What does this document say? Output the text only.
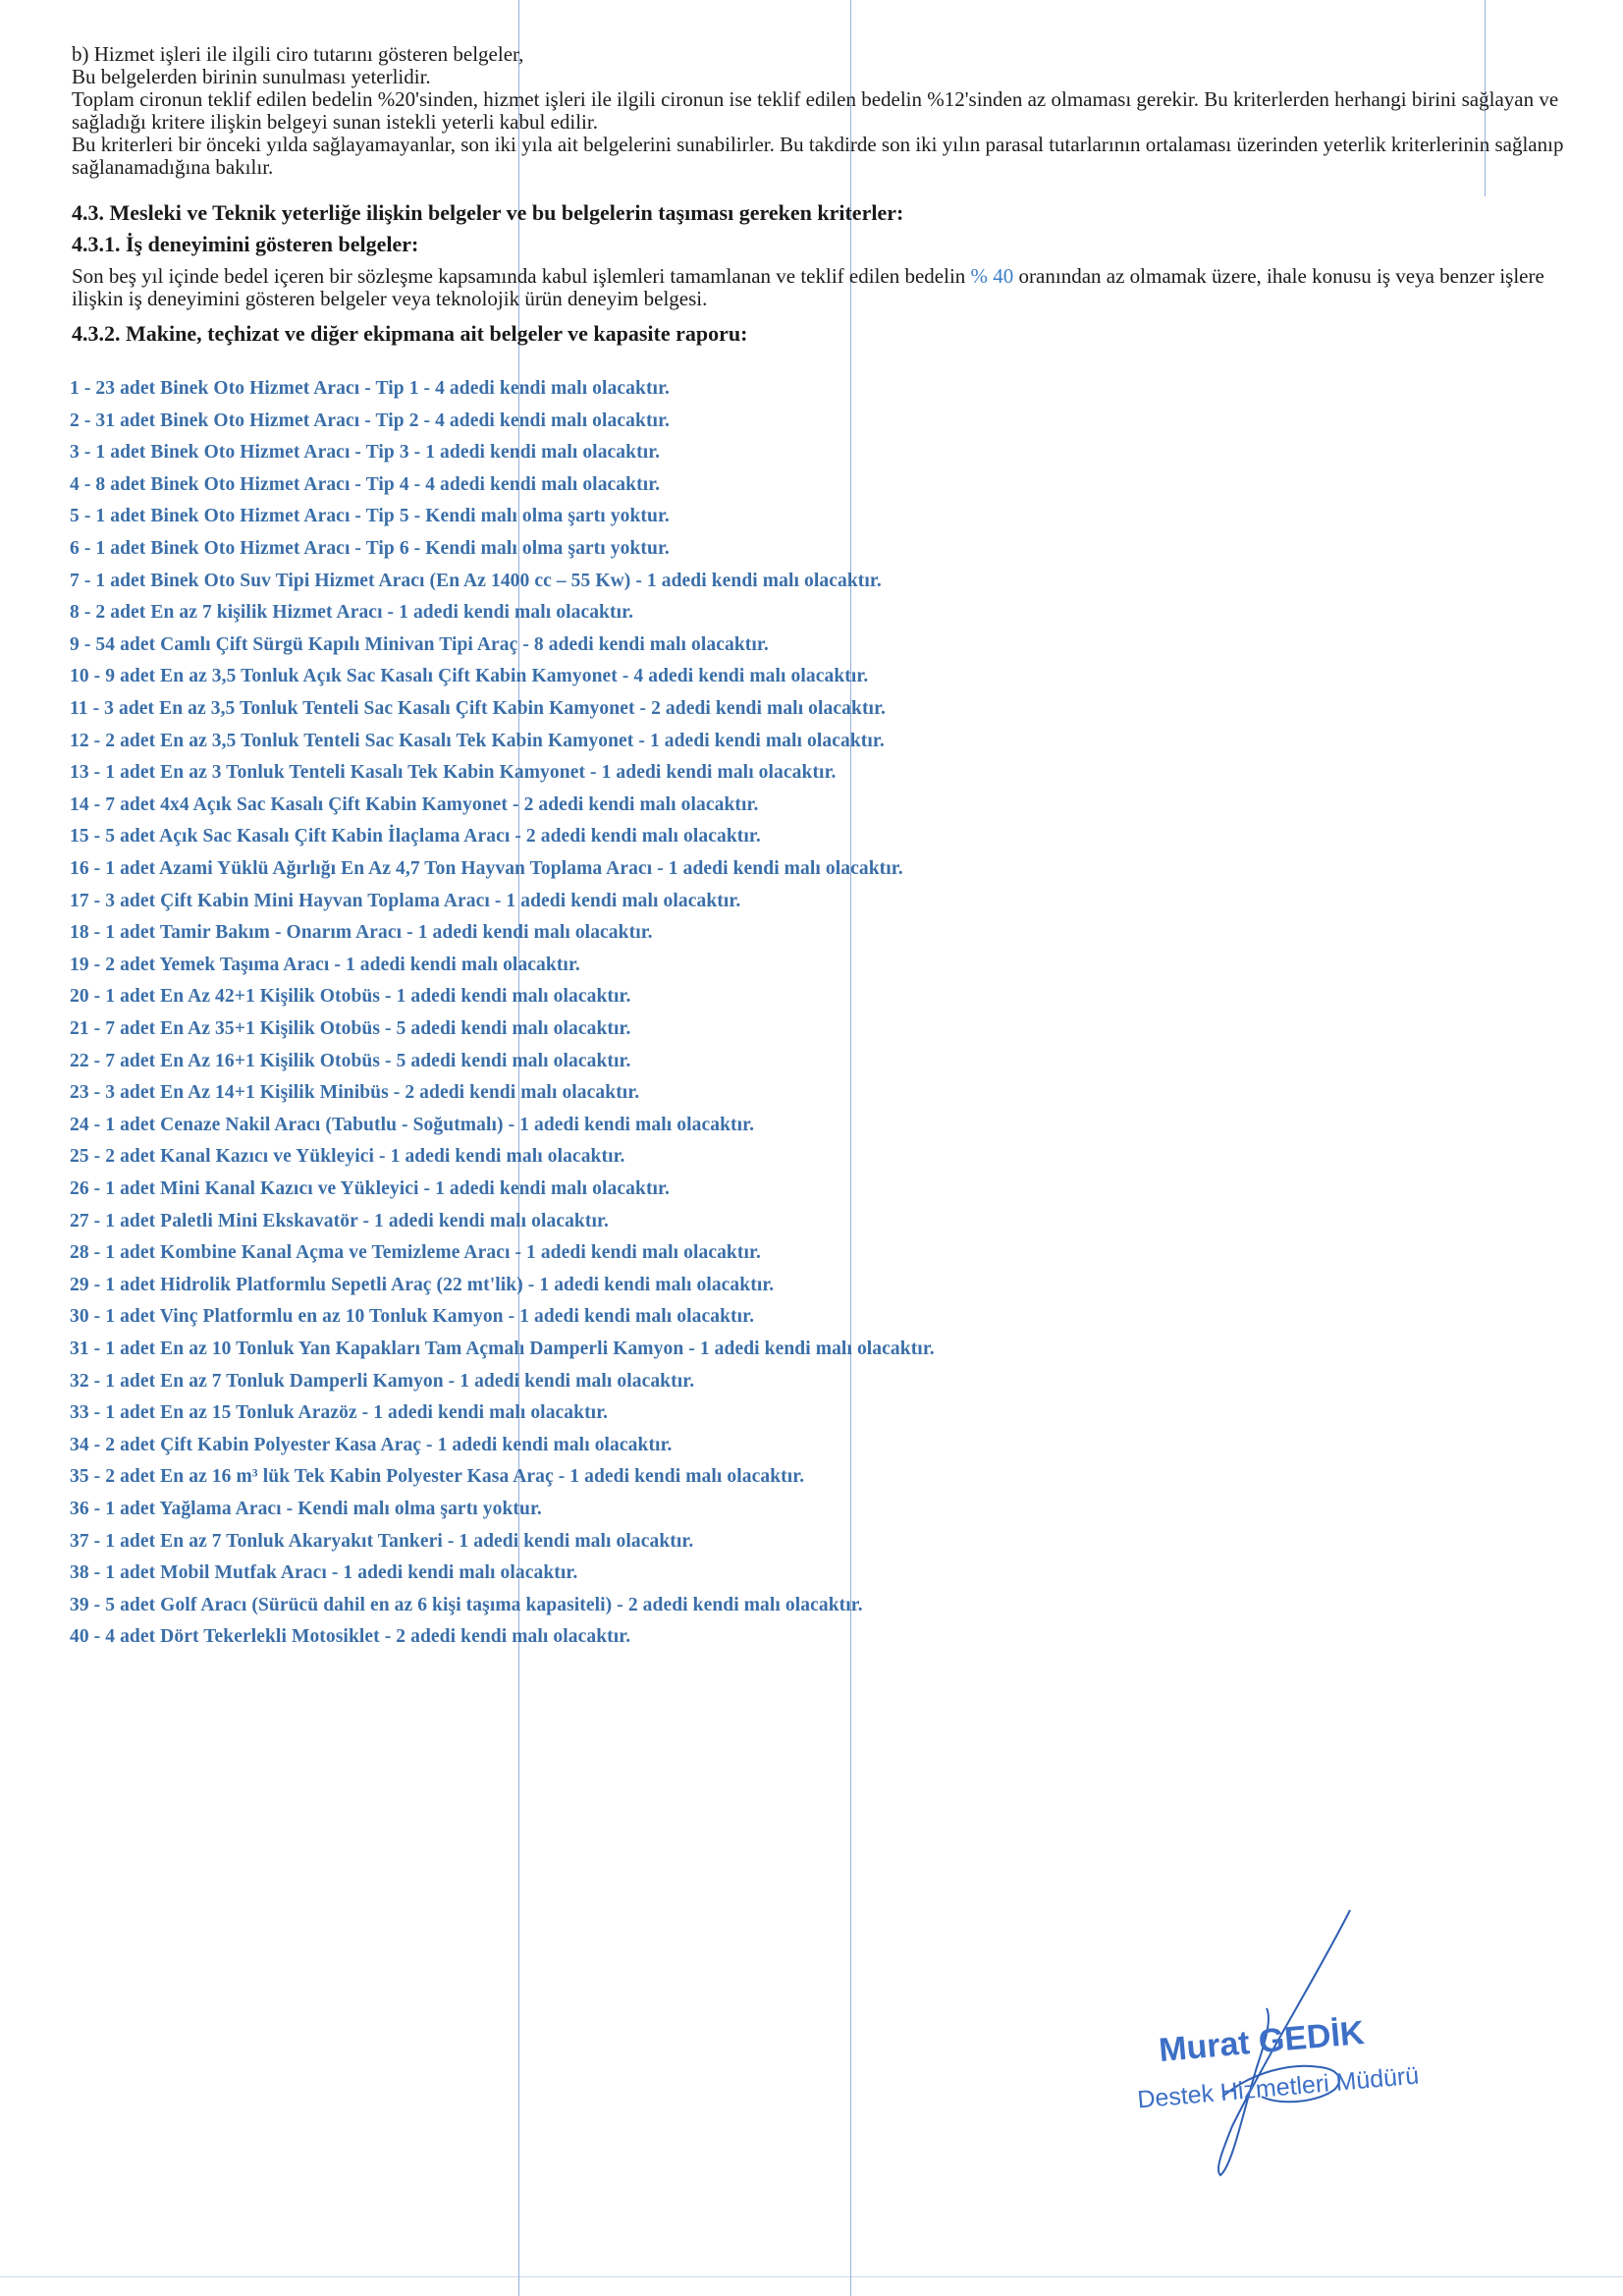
b) Hizmet işleri ile ilgili ciro tutarını gösteren belgeler,

Bu belgelerden birinin sunulması yeterlidir.

Toplam cironun teklif edilen bedelin %20'sinden, hizmet işleri ile ilgili cironun ise teklif edilen bedelin %12'sinden az olmaması gerekir. Bu kriterlerden herhangi birini sağlayan ve sağladığı kritere ilişkin belgeyi sunan istekli yeterli kabul edilir.

Bu kriterleri bir önceki yılda sağlayamayanlar, son iki yıla ait belgelerini sunabilirler. Bu takdirde son iki yılın parasal tutarlarının ortalaması üzerinden yeterlik kriterlerinin sağlanıp sağlanamadığına bakılır.

4.3. Mesleki ve Teknik yeterliğe ilişkin belgeler ve bu belgelerin taşıması gereken kriterler:
4.3.1. İş deneyimini gösteren belgeler:
Son beş yıl içinde bedel içeren bir sözleşme kapsamında kabul işlemleri tamamlanan ve teklif edilen bedelin % 40 oranından az olmamak üzere, ihale konusu iş veya benzer işlere ilişkin iş deneyimini gösteren belgeler veya teknolojik ürün deneyim belgesi.
4.3.2. Makine, teçhizat ve diğer ekipmana ait belgeler ve kapasite raporu:
1 - 23 adet Binek Oto Hizmet Aracı - Tip 1 - 4 adedi kendi malı olacaktır.
2 - 31 adet Binek Oto Hizmet Aracı - Tip 2 - 4 adedi kendi malı olacaktır.
3 - 1 adet Binek Oto Hizmet Aracı - Tip 3 - 1 adedi kendi malı olacaktır.
4 - 8 adet Binek Oto Hizmet Aracı - Tip 4 - 4 adedi kendi malı olacaktır.
5 - 1 adet Binek Oto Hizmet Aracı - Tip 5 - Kendi malı olma şartı yoktur.
6 - 1 adet Binek Oto Hizmet Aracı - Tip 6 - Kendi malı olma şartı yoktur.
7 - 1 adet Binek Oto Suv Tipi Hizmet Aracı (En Az 1400 cc – 55 Kw) - 1 adedi kendi malı olacaktır.
8 - 2 adet En az 7 kişilik Hizmet Aracı - 1 adedi kendi malı olacaktır.
9 - 54 adet Camlı Çift Sürgü Kapılı Minivan Tipi Araç - 8 adedi kendi malı olacaktır.
10 - 9 adet En az 3,5 Tonluk Açık Sac Kasalı Çift Kabin Kamyonet - 4 adedi kendi malı olacaktır.
11 - 3 adet En az 3,5 Tonluk Tenteli Sac Kasalı Çift Kabin Kamyonet - 2 adedi kendi malı olacaktır.
12 - 2 adet En az 3,5 Tonluk Tenteli Sac Kasalı Tek Kabin Kamyonet - 1 adedi kendi malı olacaktır.
13 - 1 adet En az 3 Tonluk Tenteli Kasalı Tek Kabin Kamyonet - 1 adedi kendi malı olacaktır.
14 - 7 adet 4x4 Açık Sac Kasalı Çift Kabin Kamyonet - 2 adedi kendi malı olacaktır.
15 - 5 adet Açık Sac Kasalı Çift Kabin İlaçlama Aracı - 2 adedi kendi malı olacaktır.
16 - 1 adet Azami Yüklü Ağırlığı En Az 4,7 Ton Hayvan Toplama Aracı - 1 adedi kendi malı olacaktır.
17 - 3 adet Çift Kabin Mini Hayvan Toplama Aracı - 1 adedi kendi malı olacaktır.
18 - 1 adet Tamir Bakım - Onarım Aracı - 1 adedi kendi malı olacaktır.
19 - 2 adet Yemek Taşıma Aracı - 1 adedi kendi malı olacaktır.
20 - 1 adet En Az 42+1 Kişilik Otobüs - 1 adedi kendi malı olacaktır.
21 - 7 adet En Az 35+1 Kişilik Otobüs - 5 adedi kendi malı olacaktır.
22 - 7 adet En Az 16+1 Kişilik Otobüs - 5 adedi kendi malı olacaktır.
23 - 3 adet En Az 14+1 Kişilik Minibüs - 2 adedi kendi malı olacaktır.
24 - 1 adet Cenaze Nakil Aracı (Tabutlu - Soğutmalı) - 1 adedi kendi malı olacaktır.
25 - 2 adet Kanal Kazıcı ve Yükleyici - 1 adedi kendi malı olacaktır.
26 - 1 adet Mini Kanal Kazıcı ve Yükleyici - 1 adedi kendi malı olacaktır.
27 - 1 adet Paletli Mini Ekskavatör - 1 adedi kendi malı olacaktır.
28 - 1 adet Kombine Kanal Açma ve Temizleme Aracı - 1 adedi kendi malı olacaktır.
29 - 1 adet Hidrolik Platformlu Sepetli Araç (22 mt'lik) - 1 adedi kendi malı olacaktır.
30 - 1 adet Vinç Platformlu en az 10 Tonluk Kamyon - 1 adedi kendi malı olacaktır.
31 - 1 adet En az 10 Tonluk Yan Kapakları Tam Açmalı Damperli Kamyon - 1 adedi kendi malı olacaktır.
32 - 1 adet En az 7 Tonluk Damperli Kamyon - 1 adedi kendi malı olacaktır.
33 - 1 adet En az 15 Tonluk Arazöz - 1 adedi kendi malı olacaktır.
34 - 2 adet Çift Kabin Polyester Kasa Araç - 1 adedi kendi malı olacaktır.
35 - 2 adet En az 16 m³ lük Tek Kabin Polyester Kasa Araç - 1 adedi kendi malı olacaktır.
36 - 1 adet Yağlama Aracı - Kendi malı olma şartı yoktur.
37 - 1 adet En az 7 Tonluk Akaryakıt Tankeri - 1 adedi kendi malı olacaktır.
38 - 1 adet Mobil Mutfak Aracı - 1 adedi kendi malı olacaktır.
39 - 5 adet Golf Aracı (Sürücü dahil en az 6 kişi taşıma kapasiteli) - 2 adedi kendi malı olacaktır.
40 - 4 adet Dört Tekerlekli Motosiklet - 2 adedi kendi malı olacaktır.
Murat GEDİK
Destek Hizmetleri Müdürü
